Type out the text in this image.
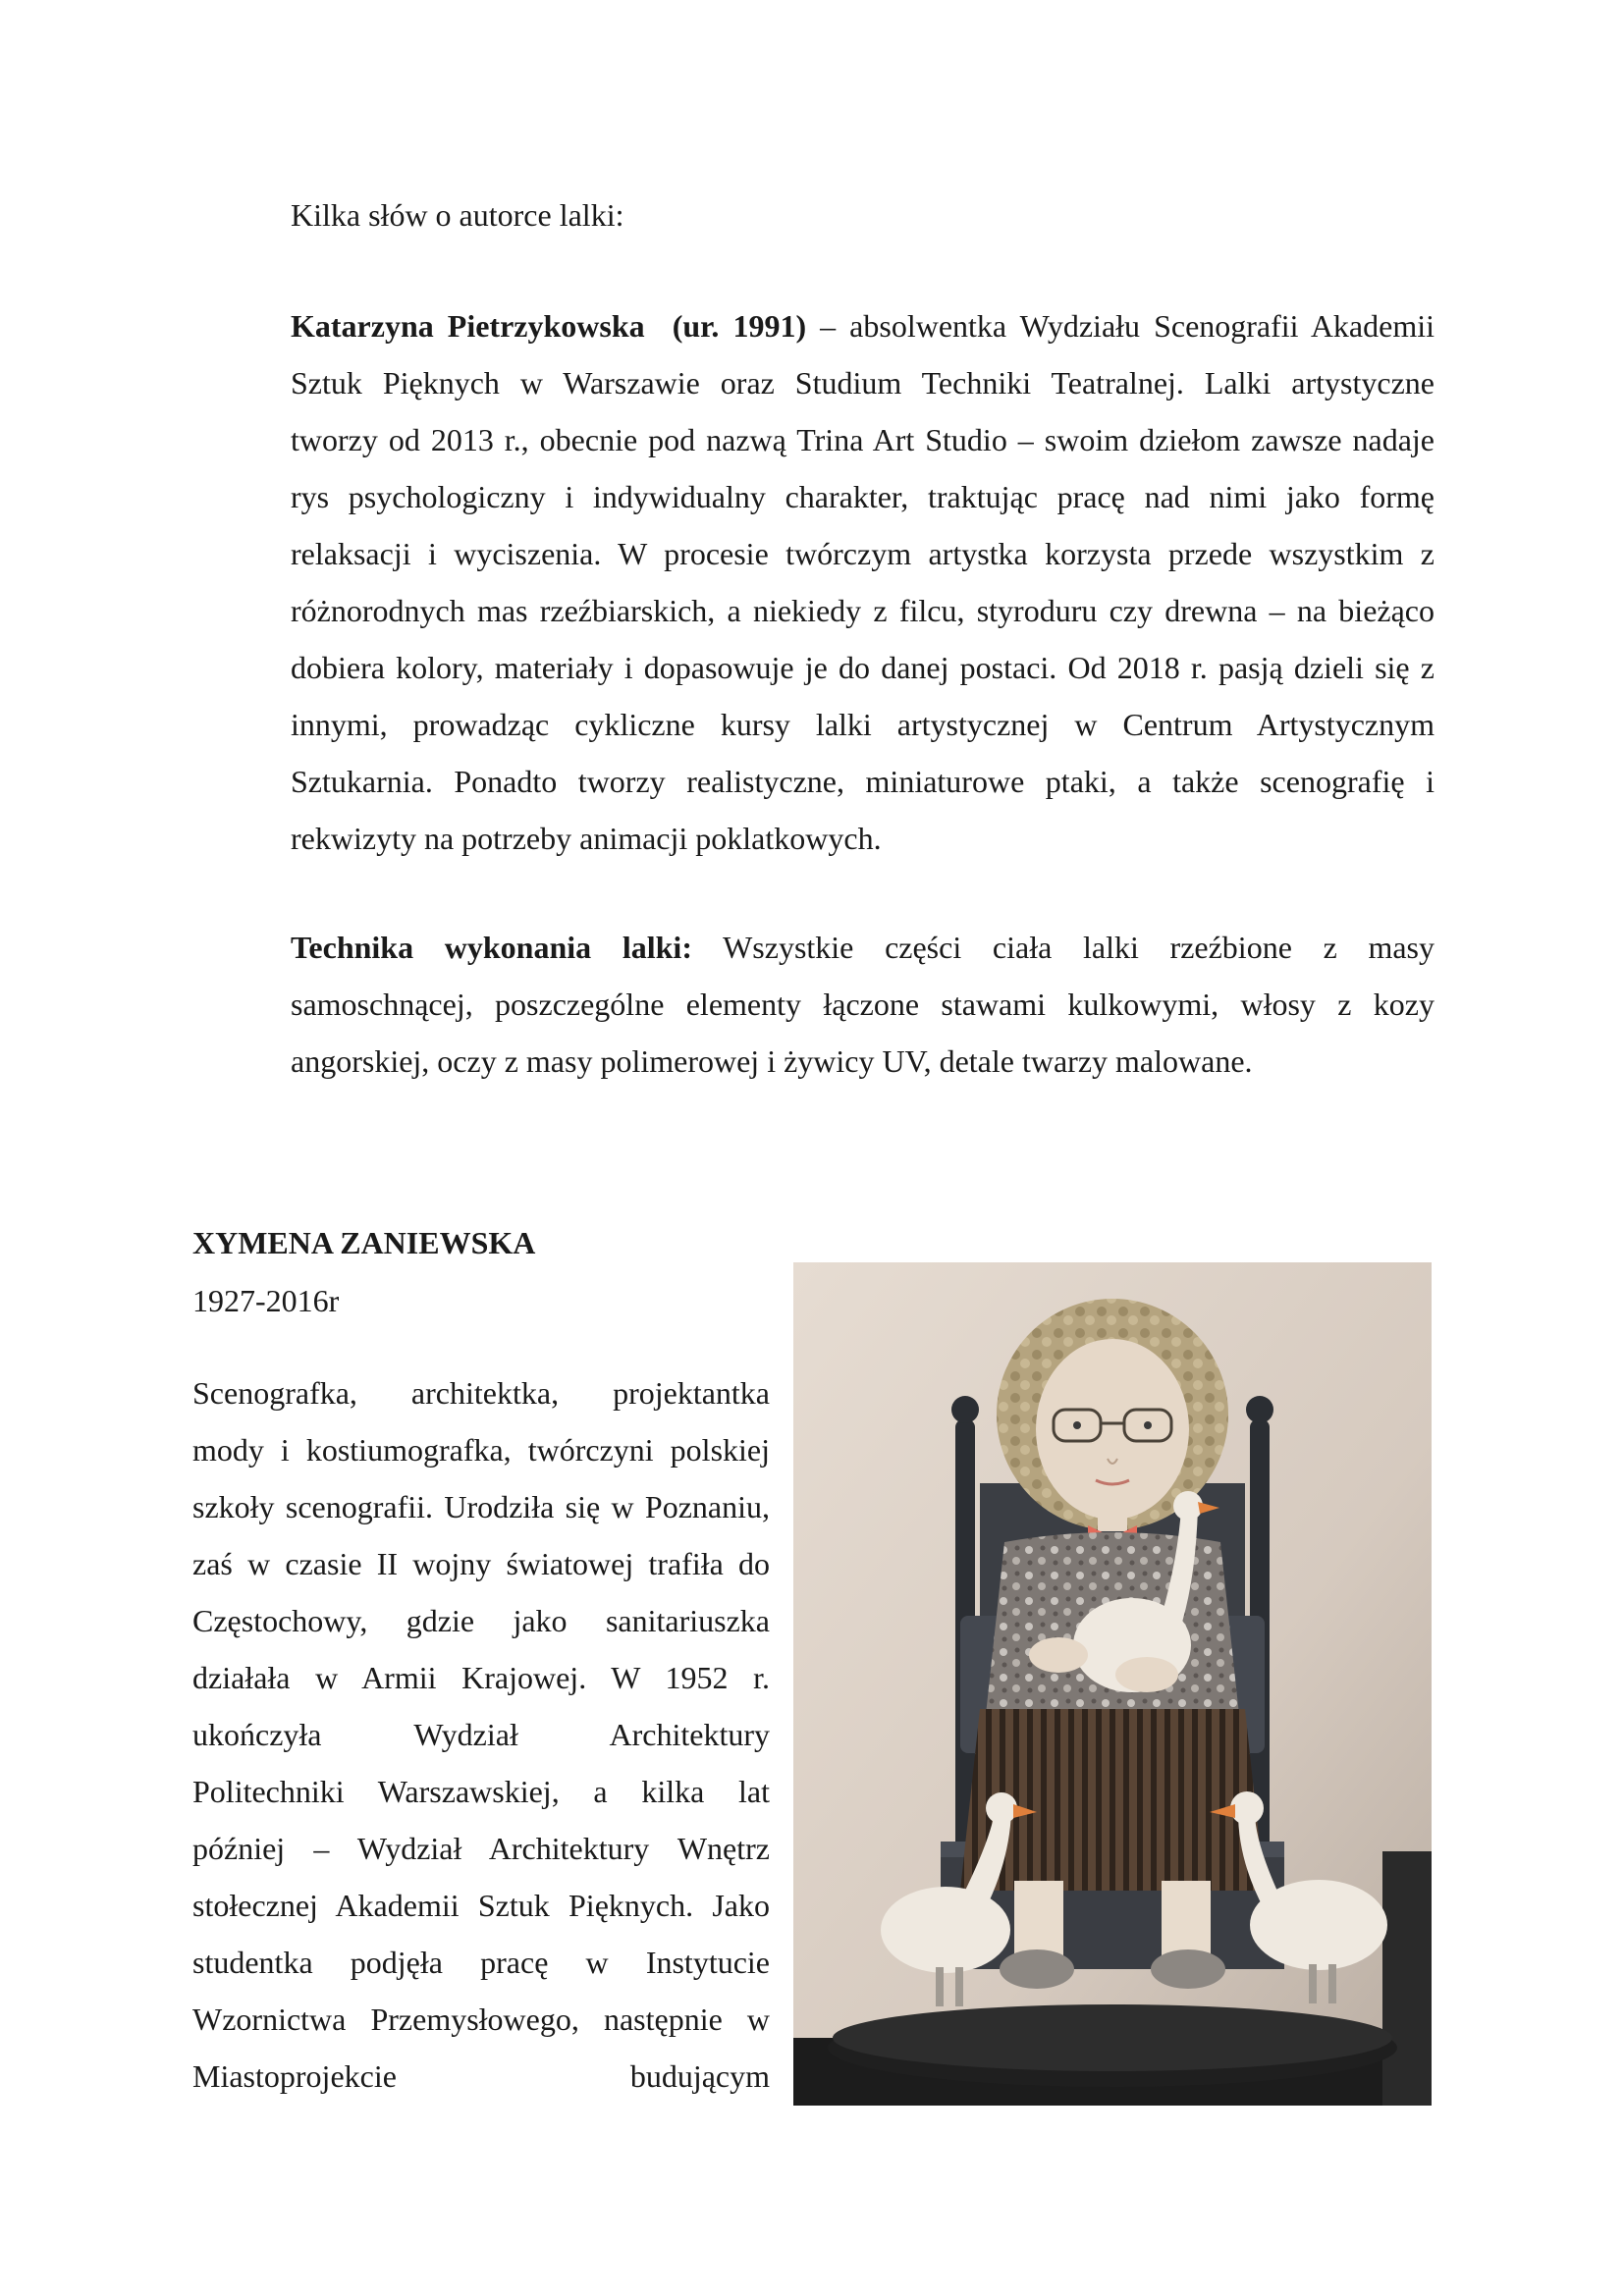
Kilka słów o autorce lalki:
Katarzyna Pietrzykowska (ur. 1991) – absolwentka Wydziału Scenografii Akademii
Sztuk Pięknych w Warszawie oraz Studium Techniki Teatralnej. Lalki artystyczne
tworzy od 2013 r., obecnie pod nazwą Trina Art Studio – swoim dziełom zawsze nadaje
rys psychologiczny i indywidualny charakter, traktując pracę nad nimi jako formę
relaksacji i wyciszenia. W procesie twórczym artystka korzysta przede wszystkim z
różnorodnych mas rzeźbiarskich, a niekiedy z filcu, styroduru czy drewna – na bieżąco
dobiera kolory, materiały i dopasowuje je do danej postaci. Od 2018 r. pasją dzieli się z
innymi, prowadząc cykliczne kursy lalki artystycznej w Centrum Artystycznym
Sztukarnia. Ponadto tworzy realistyczne, miniaturowe ptaki, a także scenografię i
rekwizyty na potrzeby animacji poklatkowych.
Technika wykonania lalki: Wszystkie części ciała lalki rzeźbione z masy
samoschnącej, poszczególne elementy łączone stawami kulkowymi, włosy z kozy
angorskiej, oczy z masy polimerowej i żywicy UV, detale twarzy malowane.
XYMENA ZANIEWSKA
1927-2016r
Scenografka, architektka, projektantka
mody i kostiumografka, twórczyni polskiej
szkoły scenografii. Urodziła się w Poznaniu,
zaś w czasie II wojny światowej trafiła do
Częstochowy, gdzie jako sanitariuszka
działała w Armii Krajowej. W 1952 r.
ukończyła Wydział Architektury
Politechniki Warszawskiej, a kilka lat
później – Wydział Architektury Wnętrz
stołecznej Akademii Sztuk Pięknych. Jako
studentka podjęła pracę w Instytucie
Wzornictwa Przemysłowego, następnie w
Miastoprojekcie budującym
